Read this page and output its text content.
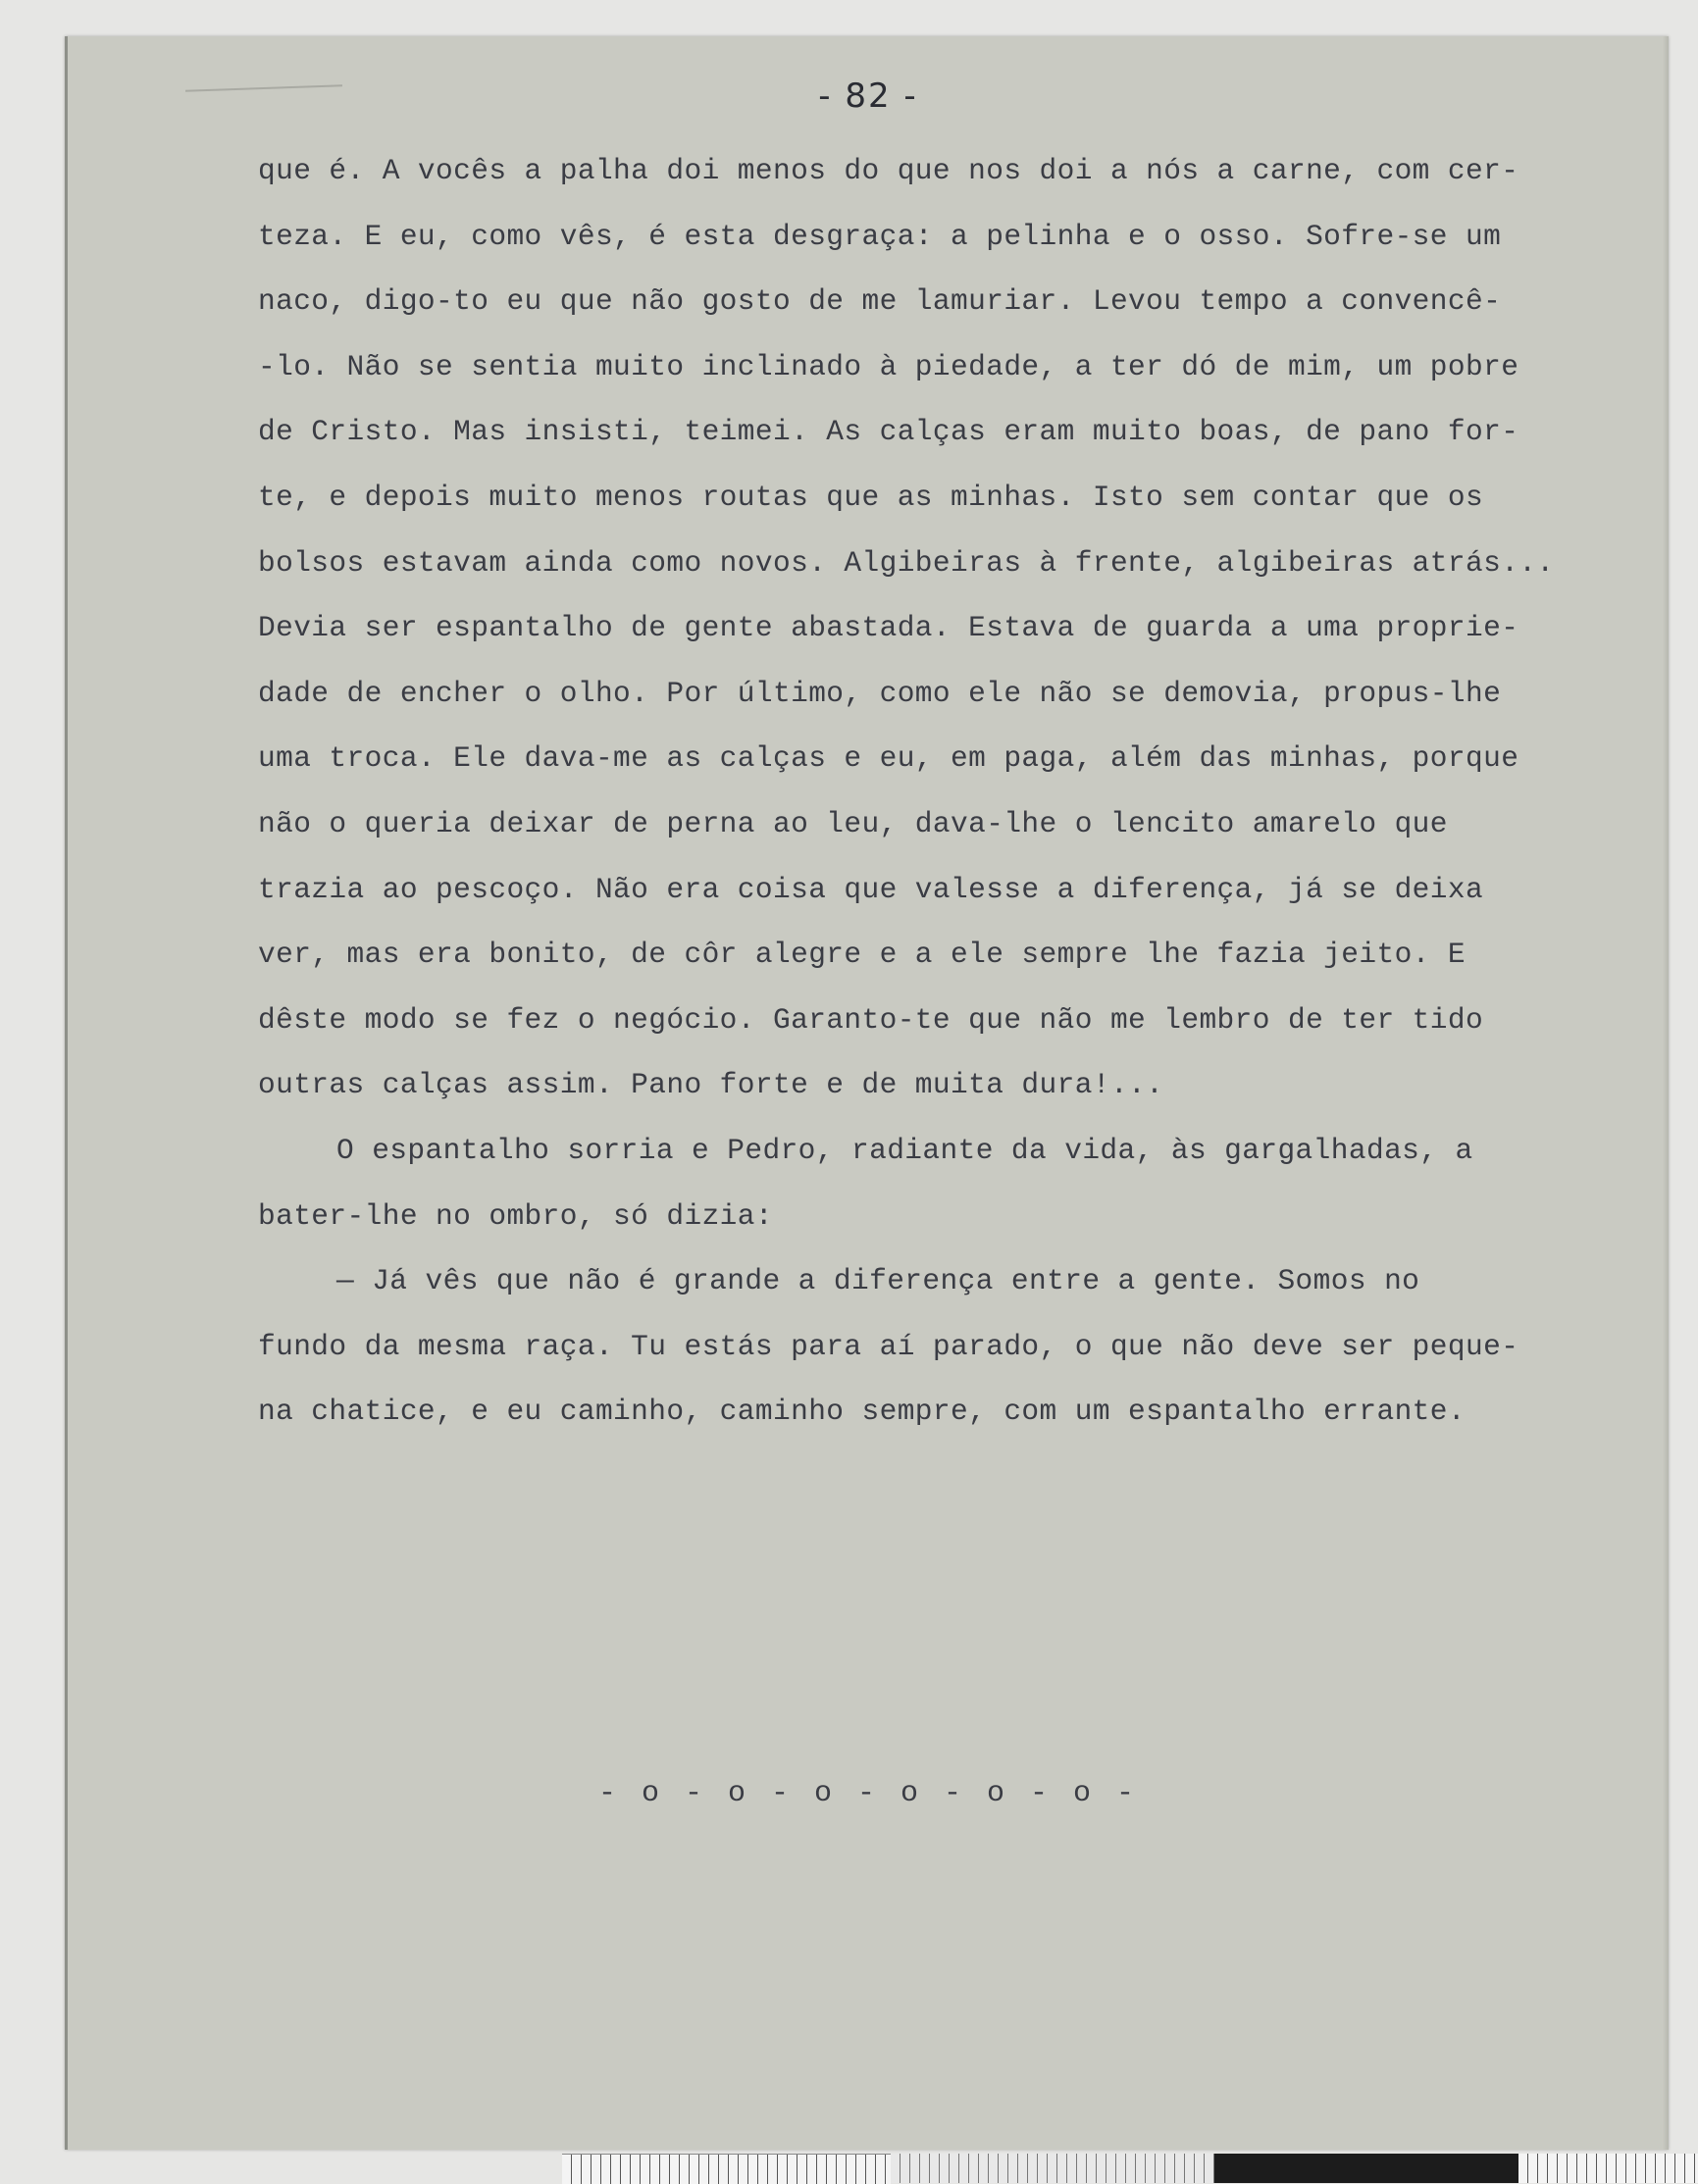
- 82 -
que é. A vocês a palha doi menos do que nos doi a nós a carne, com cer-
teza. E eu, como vês, é esta desgraça: a pelinha e o osso. Sofre-se um
naco, digo-to eu que não gosto de me lamuriar. Levou tempo a convencê-
-lo. Não se sentia muito inclinado à piedade, a ter dó de mim, um pobre
de Cristo. Mas insisti, teimei. As calças eram muito boas, de pano for-
te, e depois muito menos routas que as minhas. Isto sem contar que os
bolsos estavam ainda como novos. Algibeiras à frente, algibeiras atrás...
Devia ser espantalho de gente abastada. Estava de guarda a uma proprie-
dade de encher o olho. Por último, como ele não se demovia, propus-lhe
uma troca. Ele dava-me as calças e eu, em paga, além das minhas, porque
não o queria deixar de perna ao leu, dava-lhe o lencito amarelo que
trazia ao pescoço. Não era coisa que valesse a diferença, já se deixa
ver, mas era bonito, de côr alegre e a ele sempre lhe fazia jeito. E
dêste modo se fez o negócio. Garanto-te que não me lembro de ter tido
outras calças assim. Pano forte e de muita dura!...
O espantalho sorria e Pedro, radiante da vida, às gargalhadas, a
bater-lhe no ombro, só dizia:
— Já vês que não é grande a diferença entre a gente. Somos no
fundo da mesma raça. Tu estás para aí parado, o que não deve ser peque-
na chatice, e eu caminho, caminho sempre, com um espantalho errante.
- o - o - o - o - o - o -
